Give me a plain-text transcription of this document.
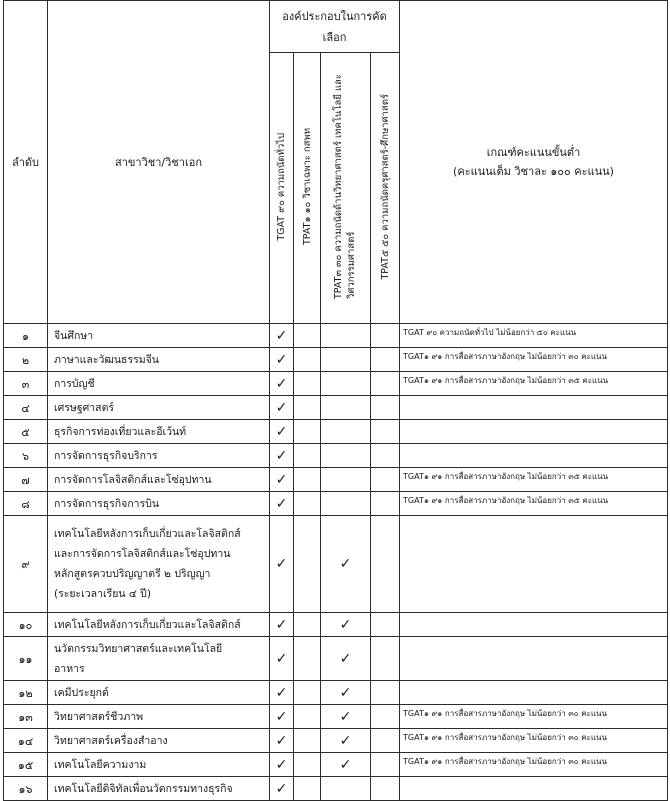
ลำดับ	สาขาวิชา/วิชาเอก	องค์ประกอบในการคัดเลือก				เกณฑ์คะแนนขั้นต่ำ
(คะแนนเต็ม วิชาละ ๑๐๐ คะแนน)

		TGAT ๙๐ ความถนัดทั่วไป	TPAT๑ ๑๐ วิชาเฉพาะ กสพท	TPAT๓ ๓๐ ความถนัดด้านวิทยาศาสตร์ เทคโนโลยี และวิศวกรรมศาสตร์	TPAT๕ ๕๐ ความถนัดครุศาสตร์-ศึกษาศาสตร์	
๑	จีนศึกษา	✓				TGAT ๙๐ ความถนัดทั่วไป ไม่น้อยกว่า ๕๐ คะแนน
๒	ภาษาและวัฒนธรรมจีน	✓				TGAT๑ ๙๑ การสื่อสารภาษาอังกฤษ ไม่น้อยกว่า ๓๐ คะแนน
๓	การบัญชี	✓				TGAT๑ ๙๑ การสื่อสารภาษาอังกฤษ ไม่น้อยกว่า ๓๕ คะแนน
๔	เศรษฐศาสตร์	✓				
๕	ธุรกิจการท่องเที่ยวและอีเว้นท์	✓				
๖	การจัดการธุรกิจบริการ	✓				
๗	การจัดการโลจิสติกส์และโซ่อุปทาน	✓				TGAT๑ ๙๑ การสื่อสารภาษาอังกฤษ ไม่น้อยกว่า ๓๕ คะแนน
๘	การจัดการธุรกิจการบิน	✓				TGAT๑ ๙๑ การสื่อสารภาษาอังกฤษ ไม่น้อยกว่า ๓๕ คะแนน
๙	เทคโนโลยีหลังการเก็บเกี่ยวและโลจิสติกส์
และการจัดการโลจิสติกส์และโซ่อุปทาน
หลักสูตรควบปริญญาตรี ๒ ปริญญา
(ระยะเวลาเรียน ๔ ปี)	✓		✓		
๑๐	เทคโนโลยีหลังการเก็บเกี่ยวและโลจิสติกส์	✓		✓		
๑๑	นวัตกรรมวิทยาศาสตร์และเทคโนโลยี
อาหาร	✓		✓		
๑๒	เคมีประยุกต์	✓		✓		
๑๓	วิทยาศาสตร์ชีวภาพ	✓		✓		TGAT๑ ๙๑ การสื่อสารภาษาอังกฤษ ไม่น้อยกว่า ๓๐ คะแนน
๑๔	วิทยาศาสตร์เครื่องสำอาง	✓		✓		TGAT๑ ๙๑ การสื่อสารภาษาอังกฤษ ไม่น้อยกว่า ๓๐ คะแนน
๑๕	เทคโนโลยีความงาม	✓		✓		TGAT๑ ๙๑ การสื่อสารภาษาอังกฤษ ไม่น้อยกว่า ๓๐ คะแนน
๑๖	เทคโนโลยีดิจิทัลเพื่อนวัตกรรมทางธุรกิจ	✓				
